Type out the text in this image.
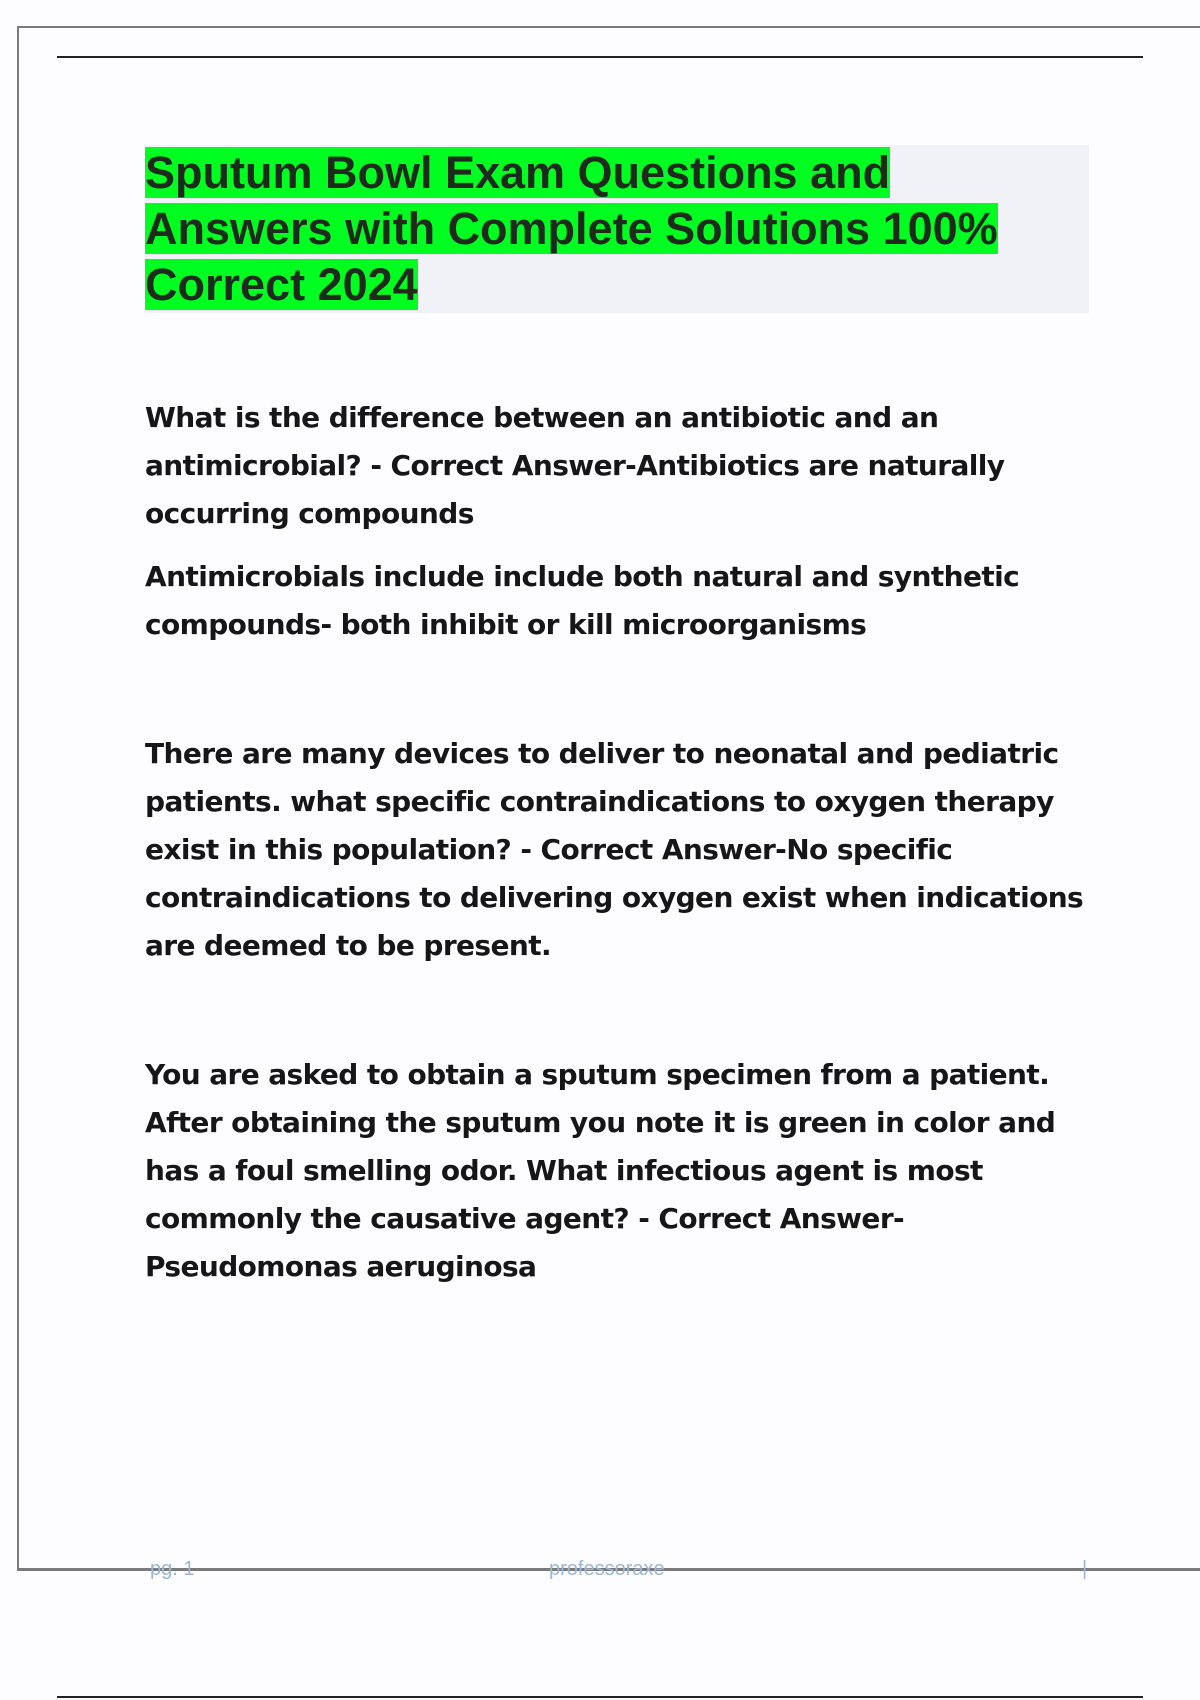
Sputum Bowl Exam Questions and Answers with Complete Solutions 100% Correct 2024

What is the difference between an antibiotic and an antimicrobial? - Correct Answer-Antibiotics are naturally occurring compounds

Antimicrobials include include both natural and synthetic compounds- both inhibit or kill microorganisms

There are many devices to deliver to neonatal and pediatric patients. what specific contraindications to oxygen therapy exist in this population? - Correct Answer-No specific contraindications to delivering oxygen exist when indications are deemed to be present.

You are asked to obtain a sputum specimen from a patient. After obtaining the sputum you note it is green in color and has a foul smelling odor. What infectious agent is most commonly the causative agent? - Correct Answer-Pseudomonas aeruginosa

pg. 1	professoraxe	|
